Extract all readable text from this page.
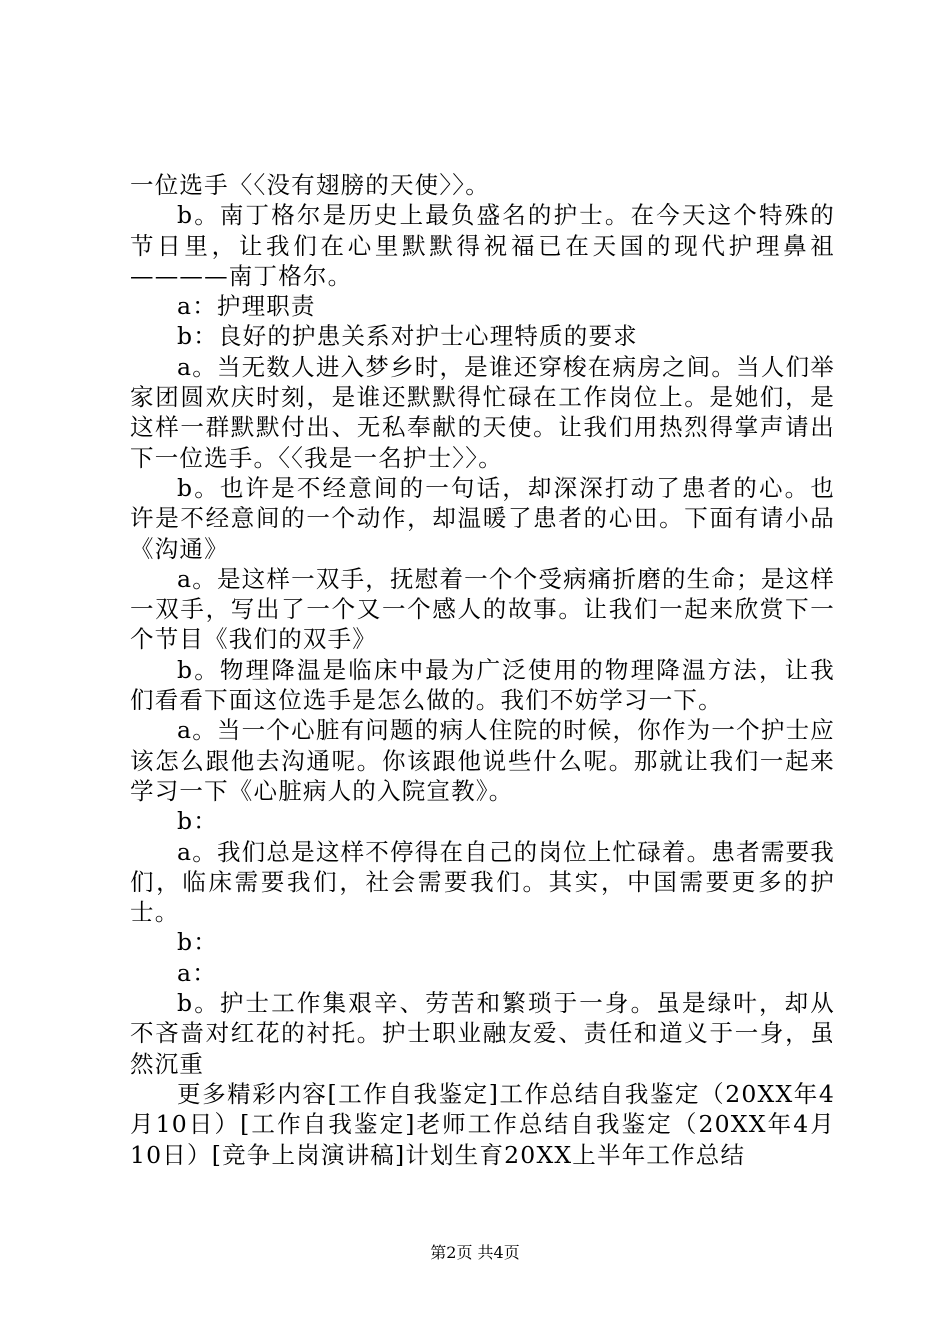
一位选手〈〈没有翅膀的天使〉〉。

b。南丁格尔是历史上最负盛名的护士。在今天这个特殊的节日里，让我们在心里默默得祝福已在天国的现代护理鼻祖————南丁格尔。

a：护理职责

b：良好的护患关系对护士心理特质的要求

a。当无数人进入梦乡时，是谁还穿梭在病房之间。当人们举家团圆欢庆时刻，是谁还默默得忙碌在工作岗位上。是她们，是这样一群默默付出、无私奉献的天使。让我们用热烈得掌声请出下一位选手。〈〈我是一名护士〉〉。

b。也许是不经意间的一句话，却深深打动了患者的心。也许是不经意间的一个动作，却温暖了患者的心田。下面有请小品《沟通》

a。是这样一双手，抚慰着一个个受病痛折磨的生命；是这样一双手，写出了一个又一个感人的故事。让我们一起来欣赏下一个节目《我们的双手》

b。物理降温是临床中最为广泛使用的物理降温方法，让我们看看下面这位选手是怎么做的。我们不妨学习一下。

a。当一个心脏有问题的病人住院的时候，你作为一个护士应该怎么跟他去沟通呢。你该跟他说些什么呢。那就让我们一起来学习一下《心脏病人的入院宣教》。

b：

a。我们总是这样不停得在自己的岗位上忙碌着。患者需要我们，临床需要我们，社会需要我们。其实，中国需要更多的护士。

b：

a：

b。护士工作集艰辛、劳苦和繁琐于一身。虽是绿叶，却从不吝啬对红花的衬托。护士职业融友爱、责任和道义于一身，虽然沉重

更多精彩内容[工作自我鉴定]工作总结自我鉴定（20XX年4月10日）[工作自我鉴定]老师工作总结自我鉴定（20XX年4月10日）[竞争上岗演讲稿]计划生育20XX上半年工作总结

第2页 共4页
